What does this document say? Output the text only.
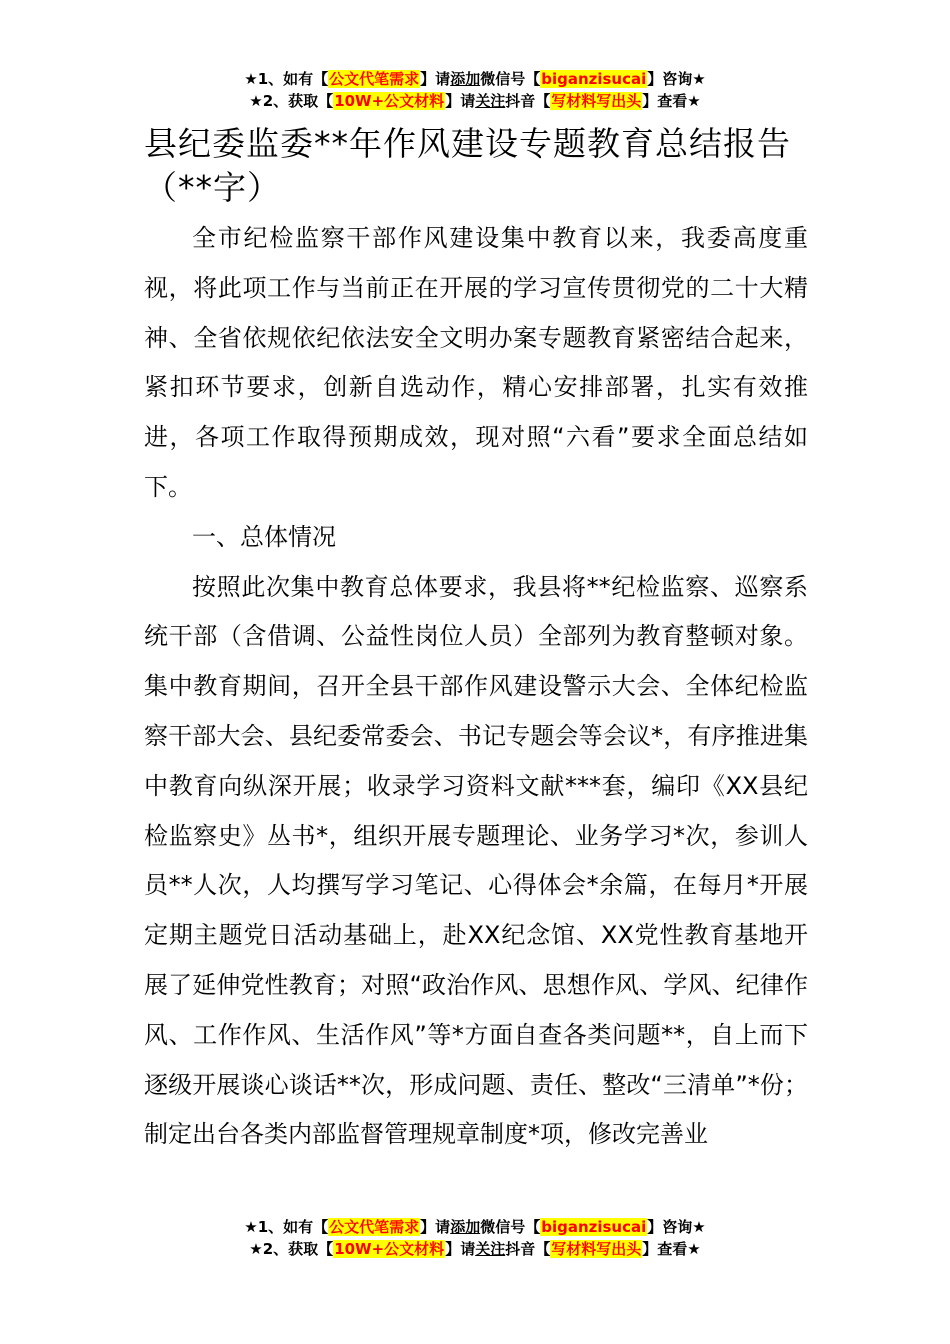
★1、如有【公文代笔需求】请添加微信号【biganzisucai】咨询★
★2、获取【10W+公文材料】请关注抖音【写材料写出头】查看★
县纪委监委**年作风建设专题教育总结报告（**字）

全市纪检监察干部作风建设集中教育以来，我委高度重视，将此项工作与当前正在开展的学习宣传贯彻党的二十大精神、全省依规依纪依法安全文明办案专题教育紧密结合起来，紧扣环节要求，创新自选动作，精心安排部署，扎实有效推进，各项工作取得预期成效，现对照“六看”要求全面总结如下。

一、总体情况

按照此次集中教育总体要求，我县将**纪检监察、巡察系统干部（含借调、公益性岗位人员）全部列为教育整顿对象。集中教育期间，召开全县干部作风建设警示大会、全体纪检监察干部大会、县纪委常委会、书记专题会等会议*，有序推进集中教育向纵深开展；收录学习资料文献***套，编印《XX县纪检监察史》丛书*，组织开展专题理论、业务学习*次，参训人员**人次，人均撰写学习笔记、心得体会*余篇，在每月*开展定期主题党日活动基础上，赴XX纪念馆、XX党性教育基地开展了延伸党性教育；对照“政治作风、思想作风、学风、纪律作风、工作作风、生活作风”等*方面自查各类问题**，自上而下逐级开展谈心谈话**次，形成问题、责任、整改“三清单”*份；制定出台各类内部监督管理规章制度*项，修改完善业

★1、如有【公文代笔需求】请添加微信号【biganzisucai】咨询★
★2、获取【10W+公文材料】请关注抖音【写材料写出头】查看★
